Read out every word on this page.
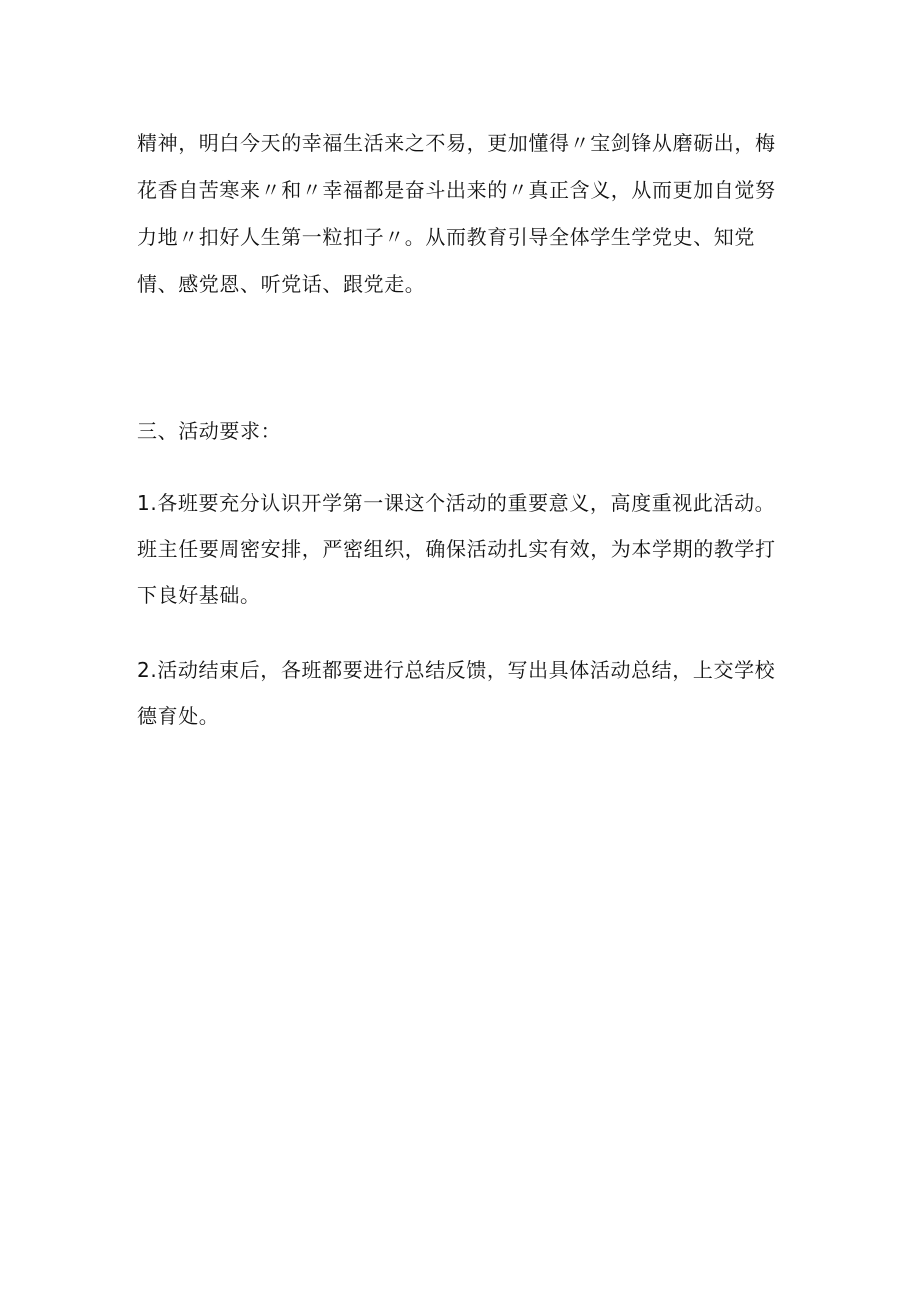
精神，明白今天的幸福生活来之不易，更加懂得〃宝剑锋从磨砺出，梅花香自苦寒来〃和〃幸福都是奋斗出来的〃真正含义，从而更加自觉努力地〃扣好人生第一粒扣子〃。从而教育引导全体学生学党史、知党情、感党恩、听党话、跟党走。

三、活动要求：

1.各班要充分认识开学第一课这个活动的重要意义，高度重视此活动。班主任要周密安排，严密组织，确保活动扎实有效，为本学期的教学打下良好基础。

2.活动结束后，各班都要进行总结反馈，写出具体活动总结，上交学校德育处。
